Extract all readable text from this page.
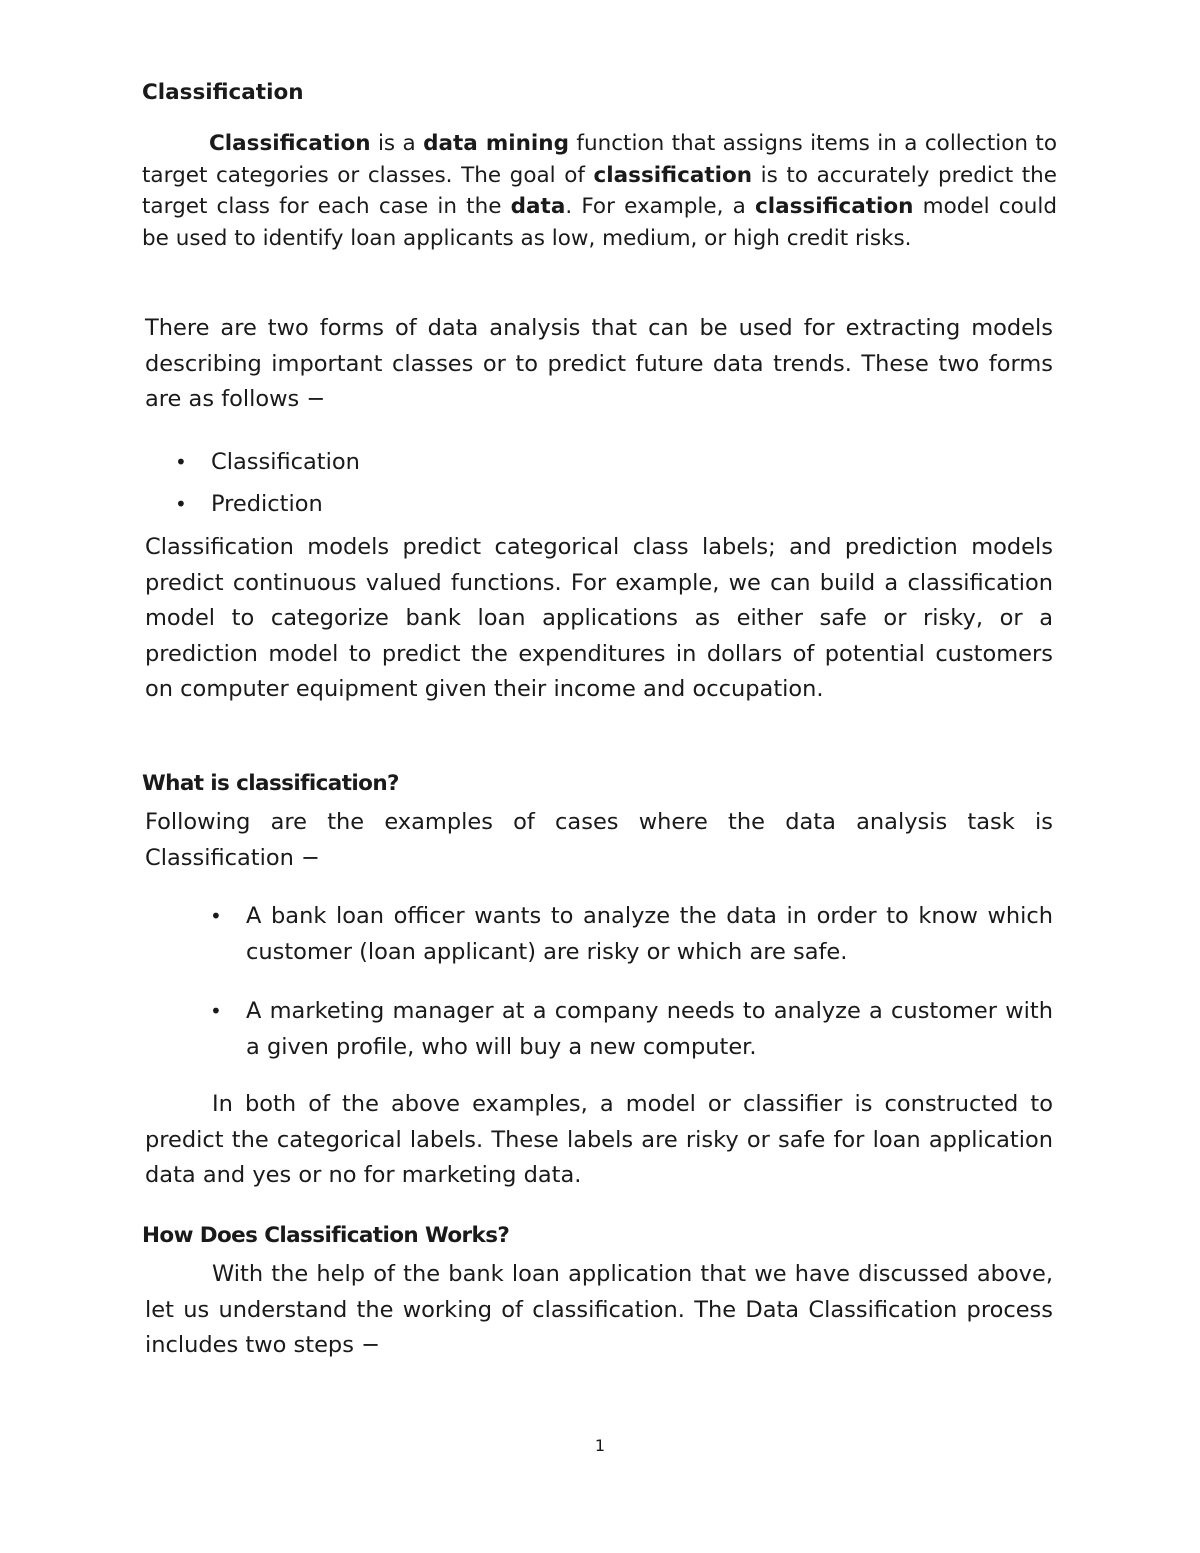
Classification

Classification is a data mining function that assigns items in a collection to target categories or classes. The goal of classification is to accurately predict the target class for each case in the data. For example, a classification model could be used to identify loan applicants as low, medium, or high credit risks.

There are two forms of data analysis that can be used for extracting models describing important classes or to predict future data trends. These two forms are as follows −

•	Classification
•	Prediction

Classification models predict categorical class labels; and prediction models predict continuous valued functions. For example, we can build a classification model to categorize bank loan applications as either safe or risky, or a prediction model to predict the expenditures in dollars of potential customers on computer equipment given their income and occupation.

What is classification?

Following are the examples of cases where the data analysis task is Classification −

•	A bank loan officer wants to analyze the data in order to know which customer (loan applicant) are risky or which are safe.
•	A marketing manager at a company needs to analyze a customer with a given profile, who will buy a new computer.

In both of the above examples, a model or classifier is constructed to predict the categorical labels. These labels are risky or safe for loan application data and yes or no for marketing data.

How Does Classification Works?

With the help of the bank loan application that we have discussed above, let us understand the working of classification. The Data Classification process includes two steps −

1
